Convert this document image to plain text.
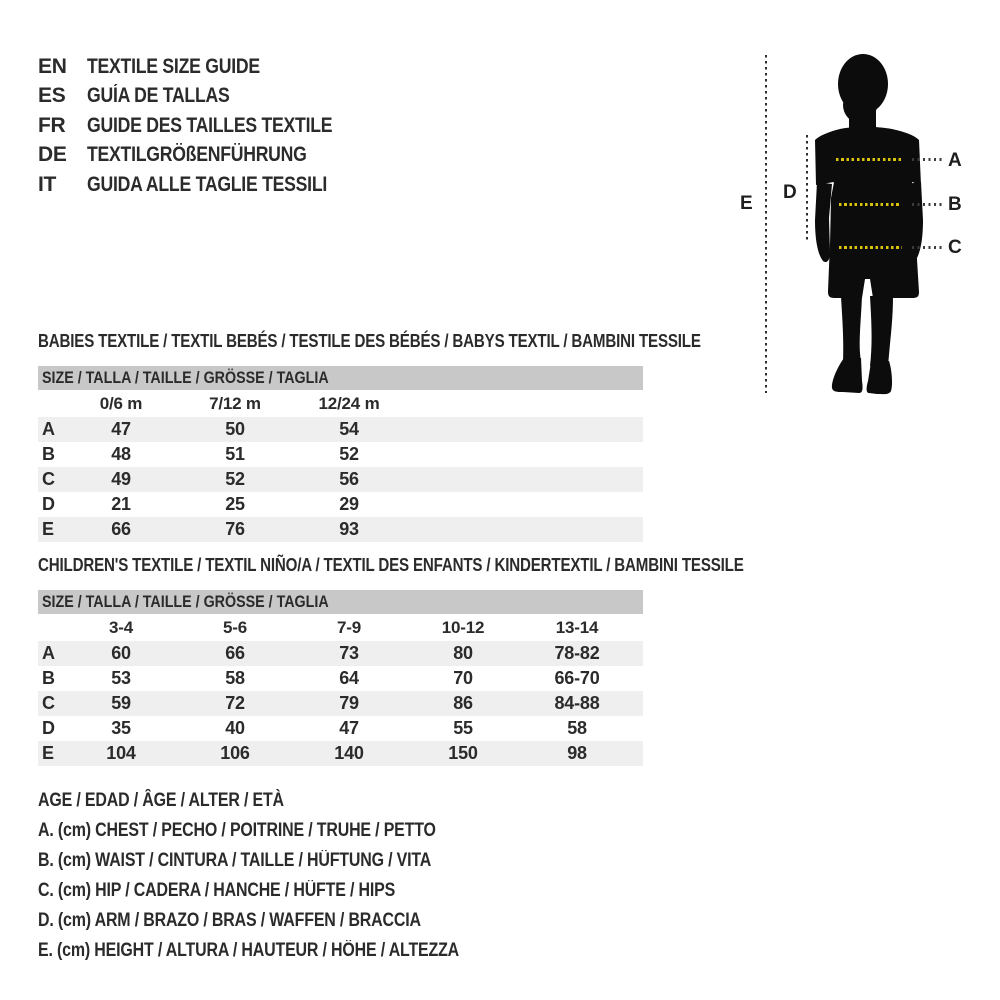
EN TEXTILE SIZE GUIDE
ES	GUÍA DE TALLAS
FR	GUIDE DES TAILLES TEXTILE
DE TEXTILGRÖßENFÜHRUNG
IT	GUIDA ALLE TAGLIE TESSILI
E
D
A
B
C
BABIES TEXTILE / TEXTIL BEBÉS / TESTILE DES BÉBÉS / BABYS TEXTIL / BAMBINI TESSILE
SIZE / TALLA / TAILLE / GRÖSSE / TAGLIA
0/6 m	7/12 m	12/24 m
A	47	50	54
B	48	51	52
C	49	52	56
D	21	25	29
E	66	76	93
CHILDREN'S TEXTILE / TEXTIL NIÑO/A / TEXTIL DES ENFANTS / KINDERTEXTIL / BAMBINI TESSILE
SIZE / TALLA / TAILLE / GRÖSSE / TAGLIA
3-4	5-6	7-9	10-12	13-14
A	60	66	73	80	78-82
B	53	58	64	70	66-70
C	59	72	79	86	84-88
D	35	40	47	55	58
E	104	106	140	150	98
AGE / EDAD / ÂGE / ALTER / ETÀ
A. (cm) CHEST / PECHO / POITRINE / TRUHE / PETTO
B. (cm) WAIST / CINTURA / TAILLE / HÜFTUNG / VITA
C. (cm) HIP / CADERA / HANCHE / HÜFTE / HIPS
D. (cm) ARM / BRAZO / BRAS / WAFFEN / BRACCIA
E. (cm) HEIGHT / ALTURA / HAUTEUR / HÖHE / ALTEZZA
